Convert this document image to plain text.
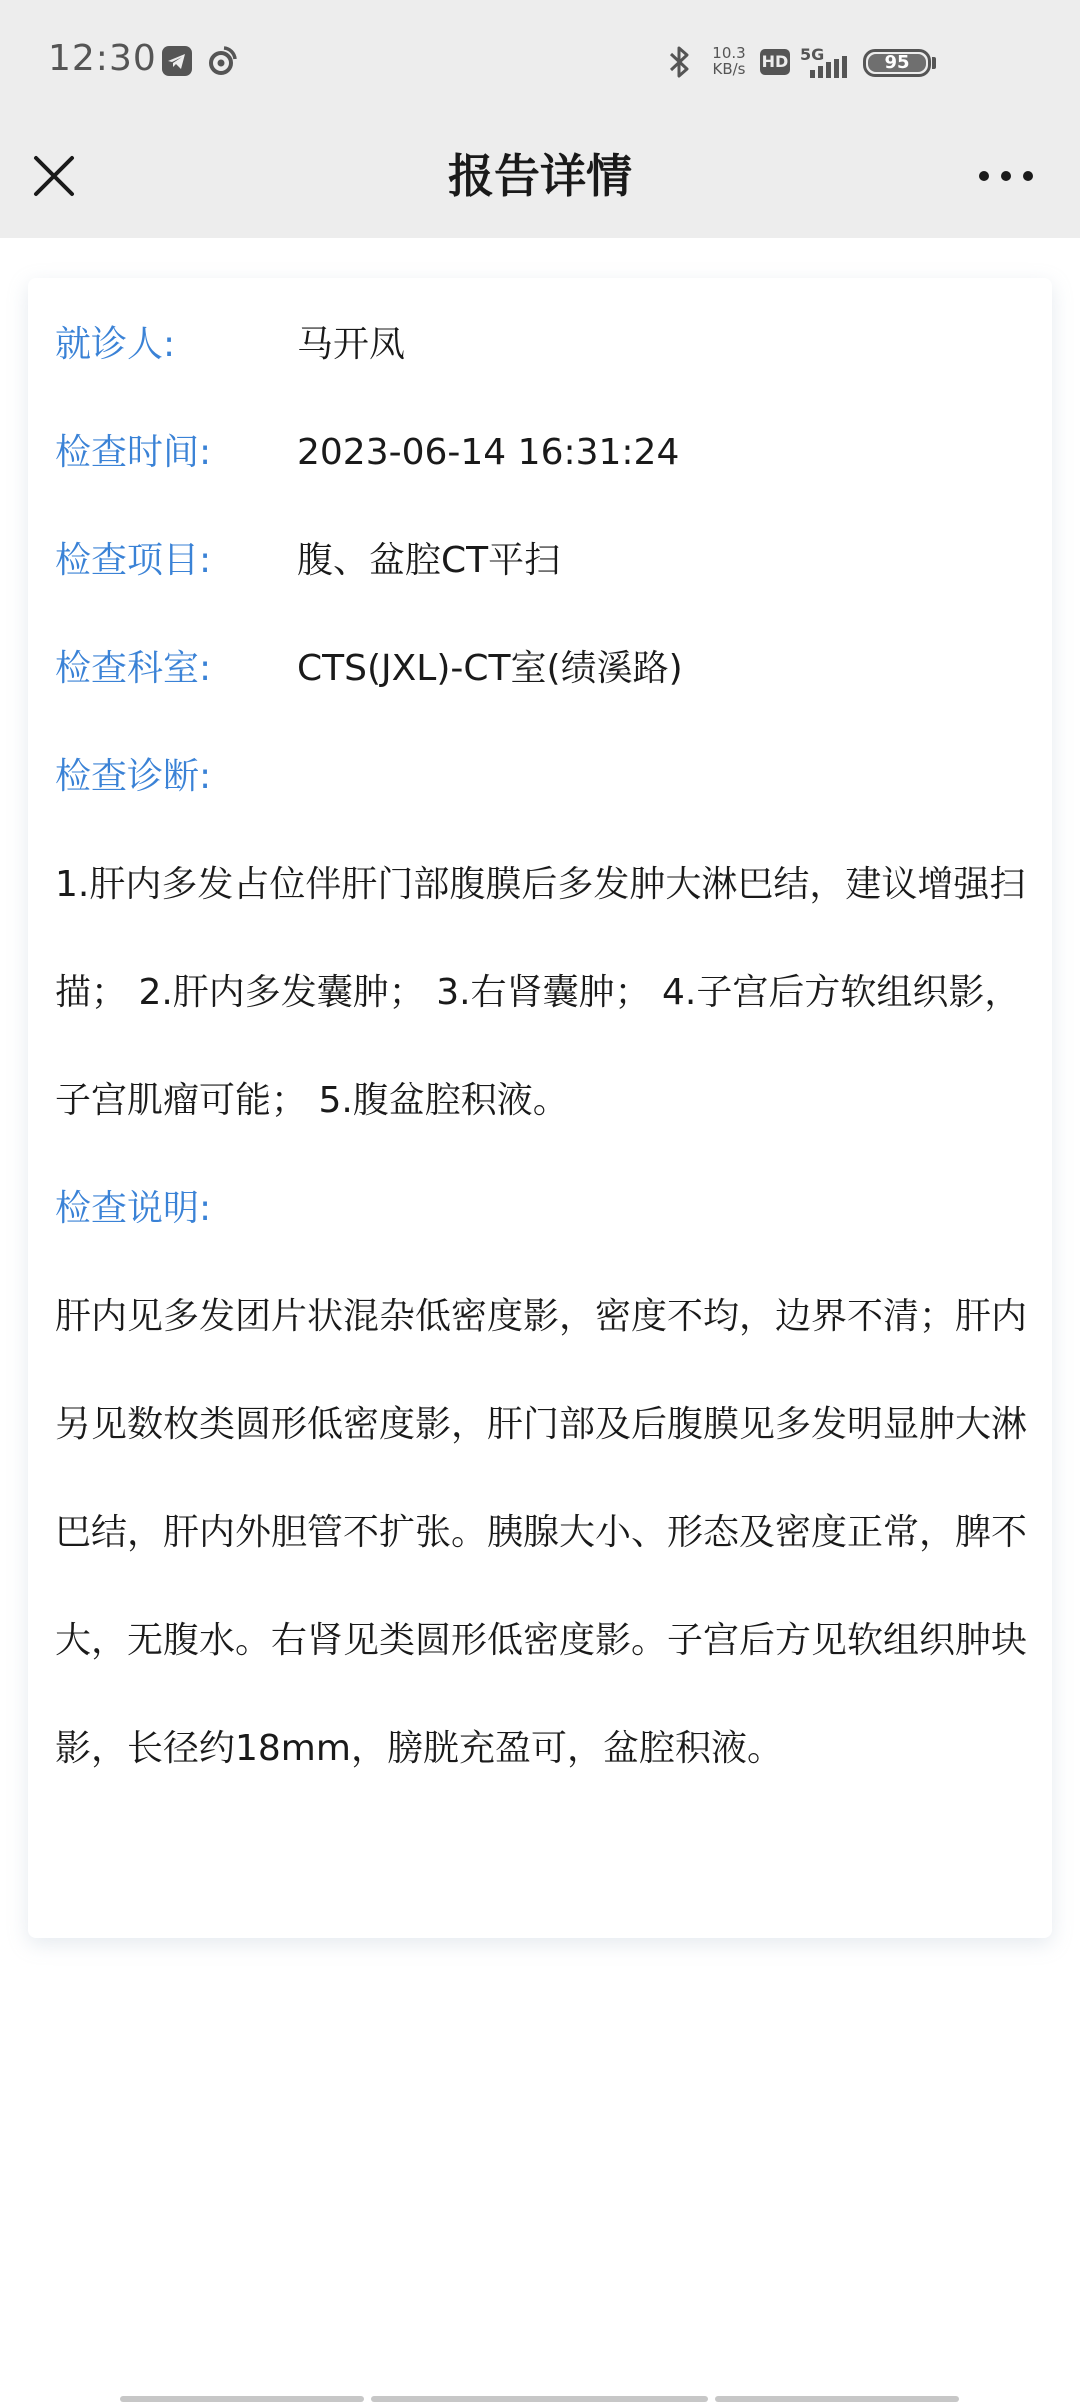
12:30	10.3
KB/s	HD 5G	95
报告详情
就诊人:	马开凤
检查时间: 2023-06-14 16:31:24
检查项目: 腹、盆腔CT平扫
检查科室: CTS(JXL)-CT室(绩溪路)
检查诊断:

1.肝内多发占位伴肝门部腹膜后多发肿大淋巴结，建议增强扫描； 2.肝内多发囊肿； 3.右肾囊肿； 4.子宫后方软组织影，子宫肌瘤可能； 5.腹盆腔积液。

检查说明:

肝内见多发团片状混杂低密度影，密度不均，边界不清；肝内另见数枚类圆形低密度影，肝门部及后腹膜见多发明显肿大淋巴结，肝内外胆管不扩张。胰腺大小、形态及密度正常，脾不大，无腹水。右肾见类圆形低密度影。子宫后方见软组织肿块影，长径约18mm，膀胱充盈可，盆腔积液。
